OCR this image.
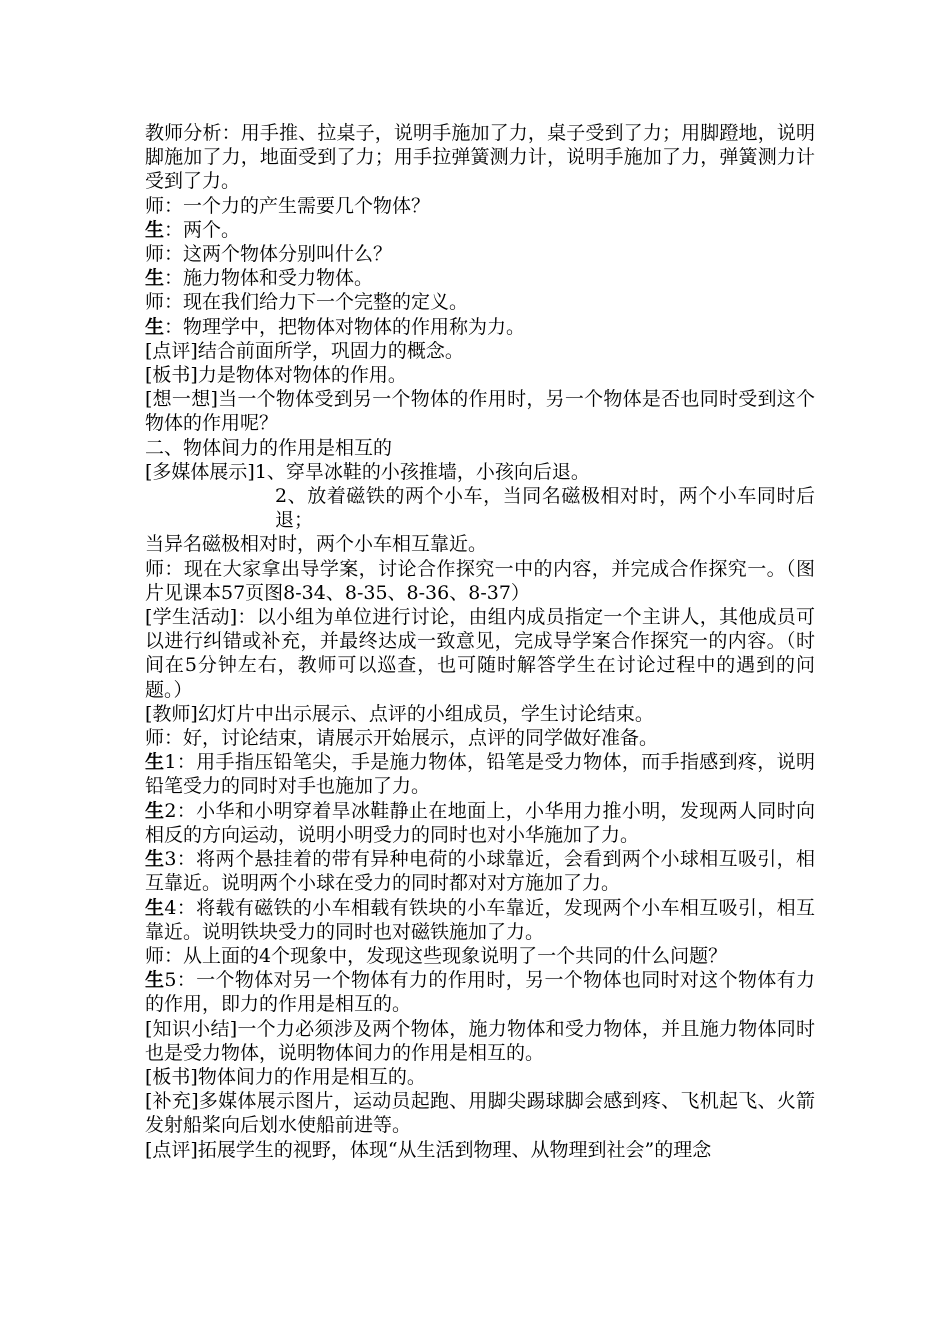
教师分析：用手推、拉桌子，说明手施加了力，桌子受到了力；用脚蹬地，说明脚施加了力，地面受到了力；用手拉弹簧测力计，说明手施加了力，弹簧测力计受到了力。

师：一个力的产生需要几个物体？

生：两个。

师：这两个物体分别叫什么？

生：施力物体和受力物体。

师：现在我们给力下一个完整的定义。

生：物理学中，把物体对物体的作用称为力。

[点评]结合前面所学，巩固力的概念。

[板书]力是物体对物体的作用。

[想一想]当一个物体受到另一个物体的作用时，另一个物体是否也同时受到这个物体的作用呢？

二、物体间力的作用是相互的

[多媒体展示]1、穿旱冰鞋的小孩推墙，小孩向后退。

2、放着磁铁的两个小车，当同名磁极相对时，两个小车同时后退；

当异名磁极相对时，两个小车相互靠近。

师：现在大家拿出导学案，讨论合作探究一中的内容，并完成合作探究一。（图片见课本57页图8-34、8-35、8-36、8-37）

[学生活动]：以小组为单位进行讨论，由组内成员指定一个主讲人，其他成员可以进行纠错或补充，并最终达成一致意见，完成导学案合作探究一的内容。（时间在5分钟左右，教师可以巡查，也可随时解答学生在讨论过程中的遇到的问题。）

[教师]幻灯片中出示展示、点评的小组成员，学生讨论结束。

师：好，讨论结束，请展示开始展示，点评的同学做好准备。

生1：用手指压铅笔尖，手是施力物体，铅笔是受力物体，而手指感到疼，说明铅笔受力的同时对手也施加了力。

生2：小华和小明穿着旱冰鞋静止在地面上，小华用力推小明，发现两人同时向相反的方向运动，说明小明受力的同时也对小华施加了力。

生3：将两个悬挂着的带有异种电荷的小球靠近，会看到两个小球相互吸引，相互靠近。说明两个小球在受力的同时都对对方施加了力。

生4：将载有磁铁的小车相载有铁块的小车靠近，发现两个小车相互吸引，相互靠近。说明铁块受力的同时也对磁铁施加了力。

师：从上面的4个现象中，发现这些现象说明了一个共同的什么问题？

生5：一个物体对另一个物体有力的作用时，另一个物体也同时对这个物体有力的作用，即力的作用是相互的。

[知识小结]一个力必须涉及两个物体，施力物体和受力物体，并且施力物体同时也是受力物体，说明物体间力的作用是相互的。

[板书]物体间力的作用是相互的。

[补充]多媒体展示图片，运动员起跑、用脚尖踢球脚会感到疼、飞机起飞、火箭发射船桨向后划水使船前进等。

[点评]拓展学生的视野，体现“从生活到物理、从物理到社会”的理念
